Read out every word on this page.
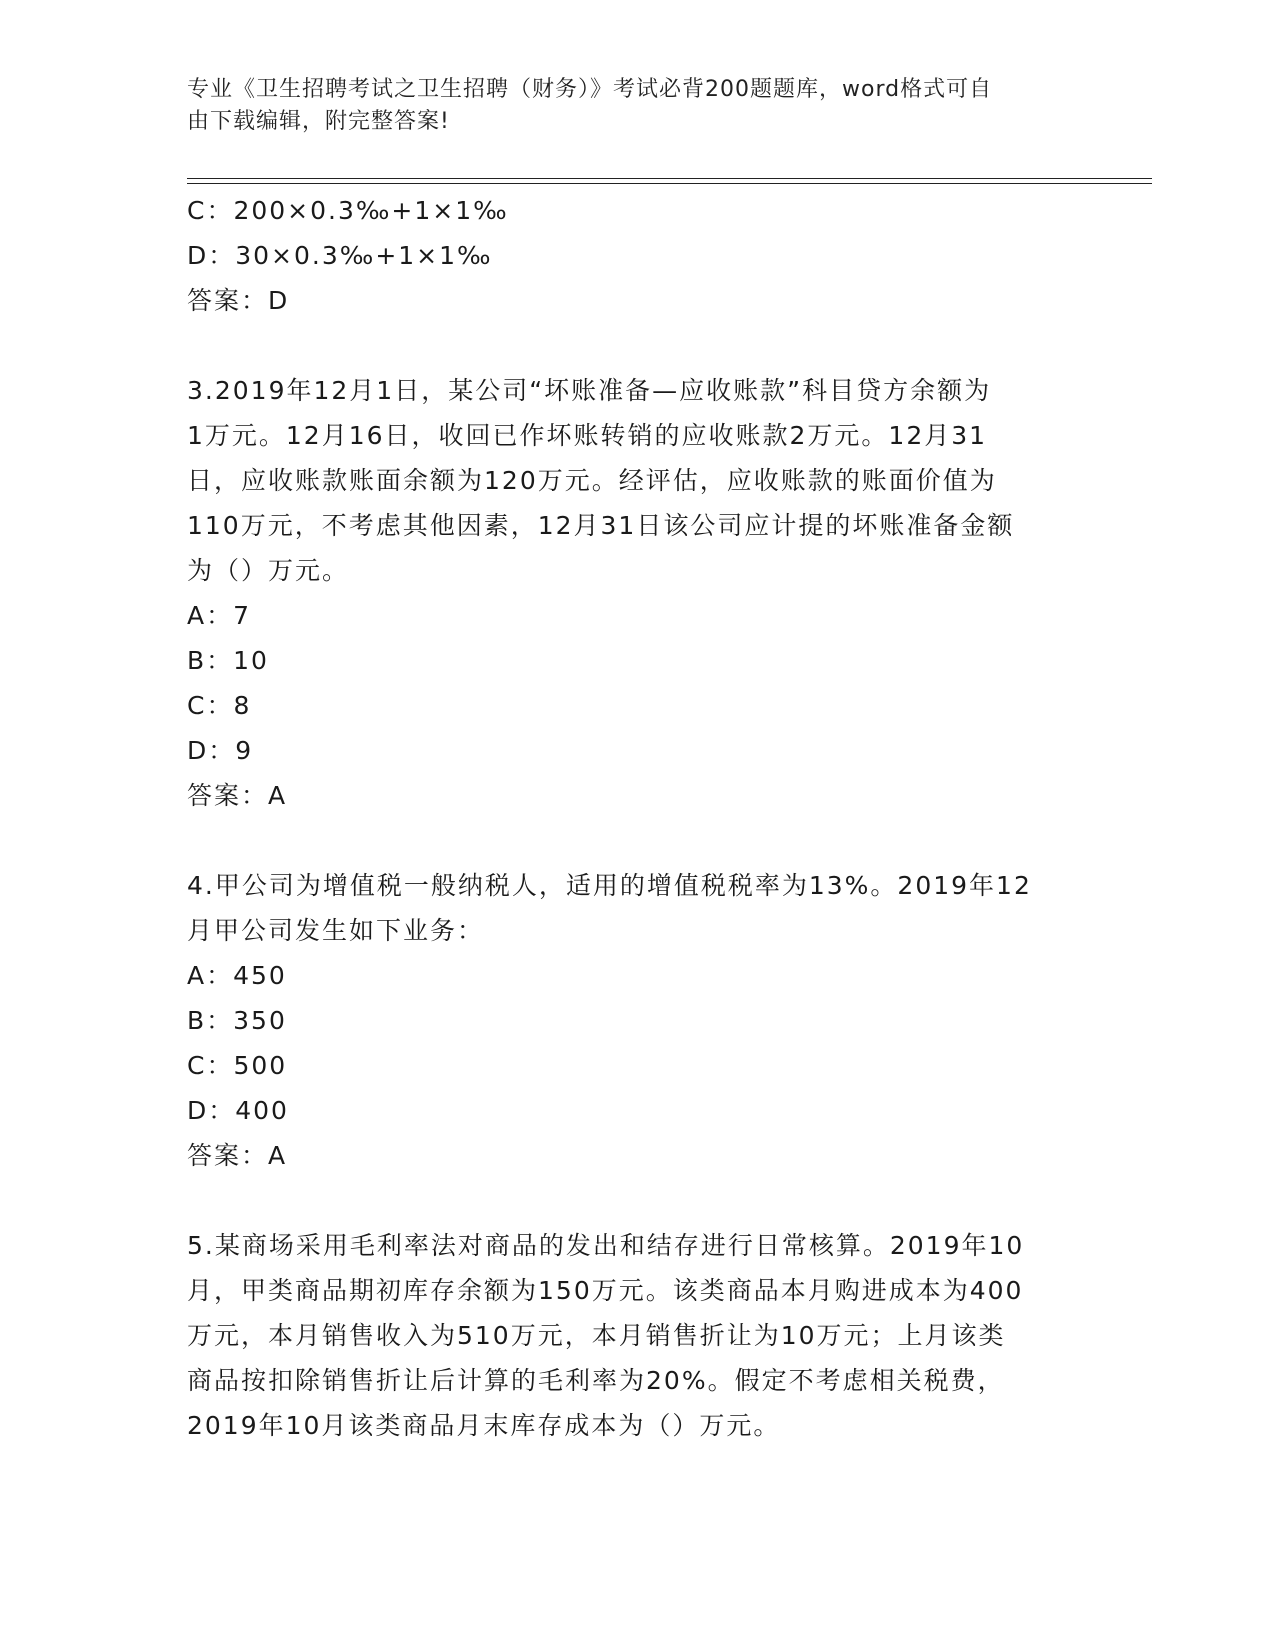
专业《卫生招聘考试之卫生招聘（财务）》考试必背200题题库，word格式可自
由下载编辑，附完整答案!
C：200×0.3‰+1×1‰
D：30×0.3‰+1×1‰
答案：D
3.2019年12月1日，某公司“坏账准备—应收账款”科目贷方余额为
1万元。12月16日，收回已作坏账转销的应收账款2万元。12月31
日，应收账款账面余额为120万元。经评估，应收账款的账面价值为
110万元，不考虑其他因素，12月31日该公司应计提的坏账准备金额
为（）万元。
A：7
B：10
C：8
D：9
答案：A
4.甲公司为增值税一般纳税人，适用的增值税税率为13%。2019年12
月甲公司发生如下业务：
A：450
B：350
C：500
D：400
答案：A
5.某商场采用毛利率法对商品的发出和结存进行日常核算。2019年10
月，甲类商品期初库存余额为150万元。该类商品本月购进成本为400
万元，本月销售收入为510万元，本月销售折让为10万元；上月该类
商品按扣除销售折让后计算的毛利率为20%。假定不考虑相关税费，
2019年10月该类商品月末库存成本为（）万元。
